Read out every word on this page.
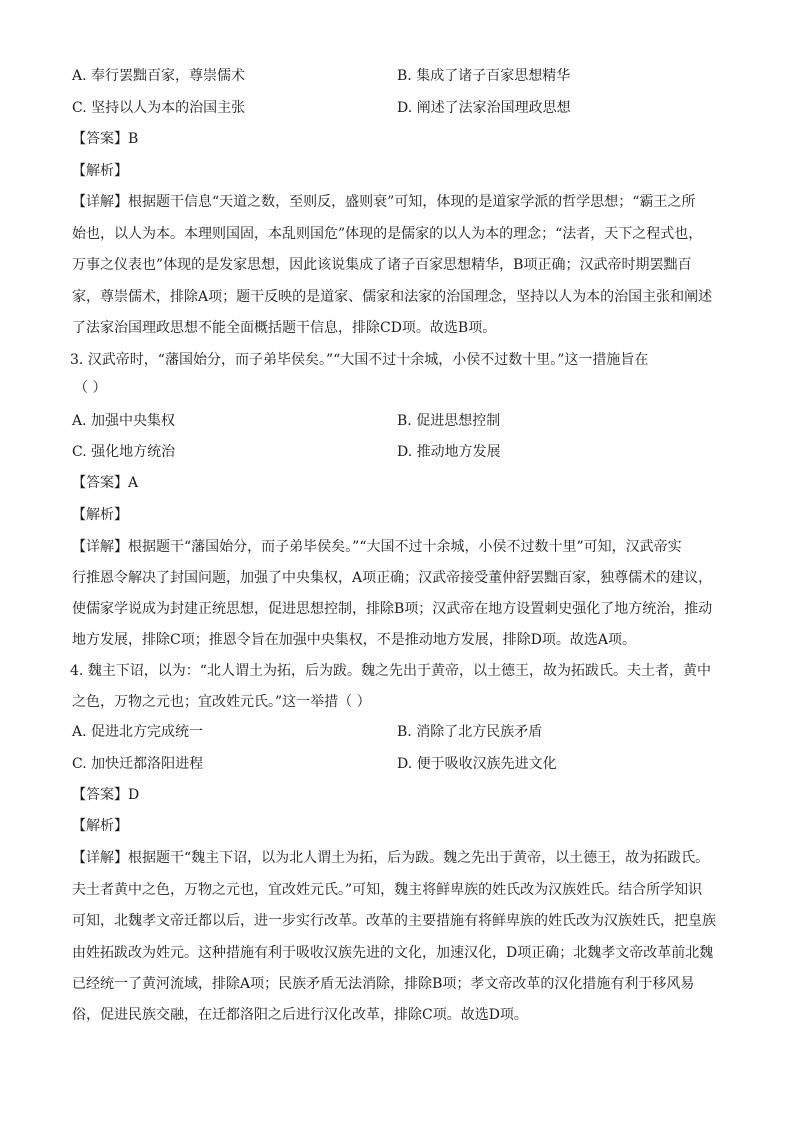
A. 奉行罢黜百家，尊崇儒术	B. 集成了诸子百家思想精华
C. 坚持以人为本的治国主张	D. 阐述了法家治国理政思想
【答案】B
【解析】
【详解】根据题干信息“天道之数，至则反，盛则衰”可知，体现的是道家学派的哲学思想；“霸王之所
始也，以人为本。本理则国固，本乱则国危”体现的是儒家的以人为本的理念；“法者，天下之程式也，
万事之仪表也”体现的是发家思想，因此该说集成了诸子百家思想精华，B项正确；汉武帝时期罢黜百
家，尊崇儒术，排除A项；题干反映的是道家、儒家和法家的治国理念，坚持以人为本的治国主张和阐述
了法家治国理政思想不能全面概括题干信息，排除CD项。故选B项。
3. 汉武帝时，“藩国始分，而子弟毕侯矣。”“大国不过十余城，小侯不过数十里。”这一措施旨在
（ ）
A. 加强中央集权	B. 促进思想控制
C. 强化地方统治	D. 推动地方发展
【答案】A
【解析】
【详解】根据题干“藩国始分，而子弟毕侯矣。”“大国不过十余城，小侯不过数十里”可知，汉武帝实
行推恩令解决了封国问题，加强了中央集权，A项正确；汉武帝接受董仲舒罢黜百家，独尊儒术的建议，
使儒家学说成为封建正统思想，促进思想控制，排除B项；汉武帝在地方设置刺史强化了地方统治，推动
地方发展，排除C项；推恩令旨在加强中央集权，不是推动地方发展，排除D项。故选A项。
4. 魏主下诏，以为：“北人谓土为拓，后为跋。魏之先出于黄帝，以土德王，故为拓跋氏。夫土者，黄中
之色，万物之元也；宜改姓元氏。”这一举措（ ）
A. 促进北方完成统一	B. 消除了北方民族矛盾
C. 加快迁都洛阳进程	D. 便于吸收汉族先进文化
【答案】D
【解析】
【详解】根据题干“魏主下诏，以为北人谓土为拓，后为跋。魏之先出于黄帝，以土德王，故为拓跋氏。
夫土者黄中之色，万物之元也，宜改姓元氏。”可知，魏主将鲜卑族的姓氏改为汉族姓氏。结合所学知识
可知，北魏孝文帝迁都以后，进一步实行改革。改革的主要措施有将鲜卑族的姓氏改为汉族姓氏，把皇族
由姓拓跋改为姓元。这种措施有利于吸收汉族先进的文化，加速汉化，D项正确；北魏孝文帝改革前北魏
已经统一了黄河流域，排除A项；民族矛盾无法消除，排除B项；孝文帝改革的汉化措施有利于移风易
俗，促进民族交融，在迁都洛阳之后进行汉化改革，排除C项。故选D项。
